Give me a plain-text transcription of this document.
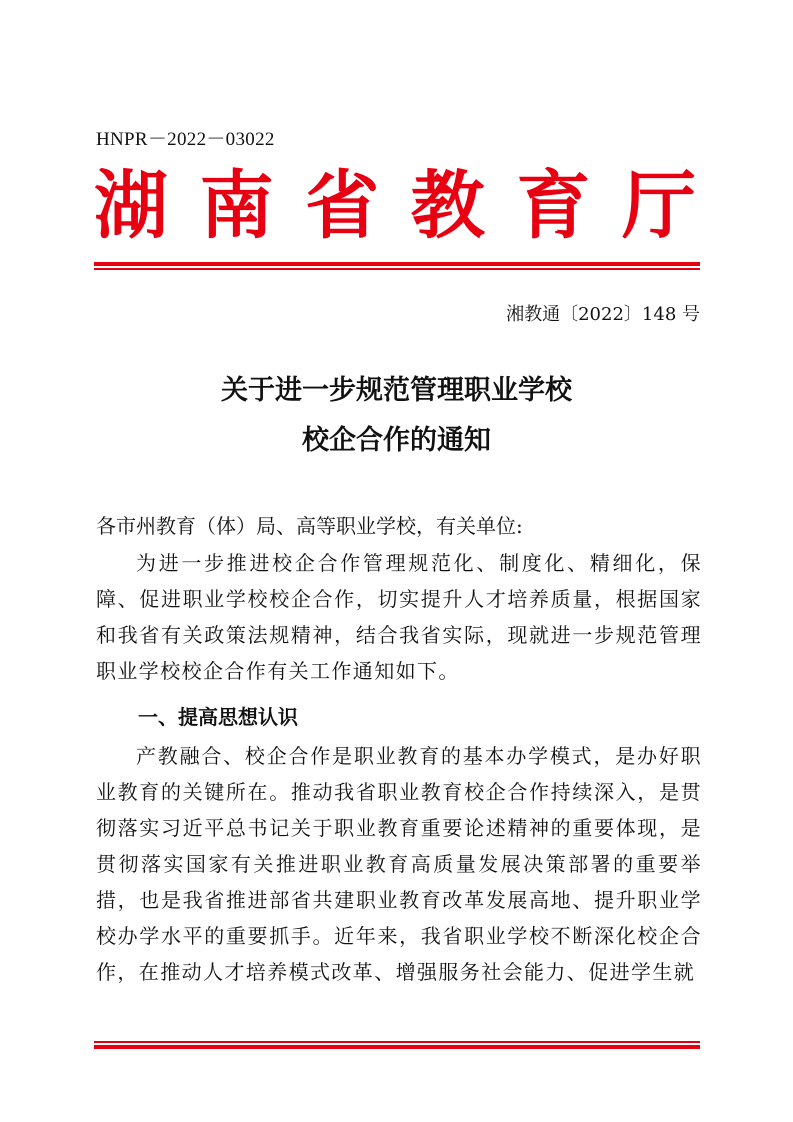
HNPR－2022－03022
湖 南 省 教 育 厅
湘教通〔2022〕148 号
关于进一步规范管理职业学校
校企合作的通知
各市州教育（体）局、高等职业学校，有关单位:
为进一步推进校企合作管理规范化、制度化、精细化，保障、促进职业学校校企合作，切实提升人才培养质量，根据国家和我省有关政策法规精神，结合我省实际，现就进一步规范管理职业学校校企合作有关工作通知如下。
一、提高思想认识
产教融合、校企合作是职业教育的基本办学模式，是办好职业教育的关键所在。推动我省职业教育校企合作持续深入，是贯彻落实习近平总书记关于职业教育重要论述精神的重要体现，是贯彻落实国家有关推进职业教育高质量发展决策部署的重要举措，也是我省推进部省共建职业教育改革发展高地、提升职业学校办学水平的重要抓手。近年来，我省职业学校不断深化校企合作，在推动人才培养模式改革、增强服务社会能力、促进学生就
